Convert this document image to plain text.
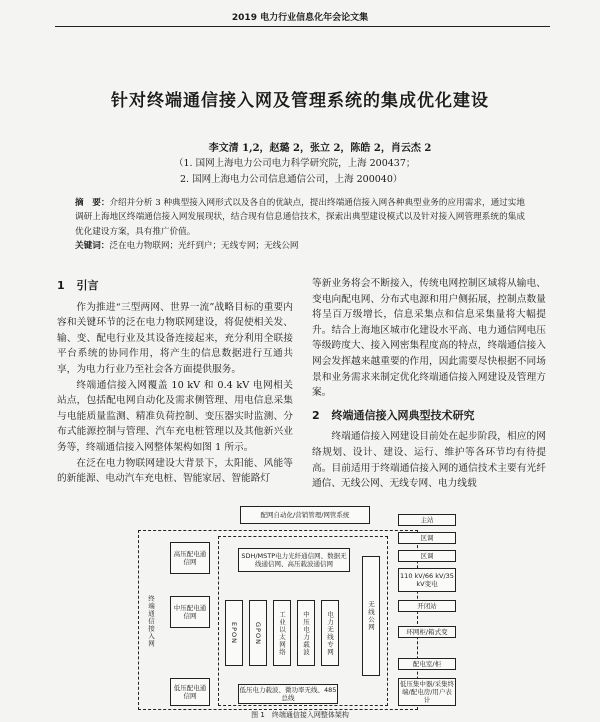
2019 电力行业信息化年会论文集
针对终端通信接入网及管理系统的集成优化建设
李文清 1,2，赵璐 2，张立 2，陈皓 2，肖云杰 2
（1. 国网上海电力公司电力科学研究院，上海 200437；
2. 国网上海电力公司信息通信公司，上海 200040）
摘　要：介绍并分析 3 种典型接入网形式以及各自的优缺点，提出终端通信接入网各种典型业务的应用需求，通过实地调研上海地区终端通信接入网发展现状，结合现有信息通信技术，探索出典型建设模式以及针对接入网管理系统的集成优化建设方案，具有推广价值。
关键词：泛在电力物联网；光纤到户；无线专网；无线公网
1 引言

作为推进“三型两网、世界一流”战略目标的重要内容和关键环节的泛在电力物联网建设，将促使相关发、输、变、配电行业及其设备连接起来，充分利用全联接平台系统的协同作用，将产生的信息数据进行互通共享，为电力行业乃至社会各方面提供服务。

终端通信接入网覆盖 10 kV 和 0.4 kV 电网相关站点，包括配电网自动化及需求侧管理、用电信息采集与电能质量监测、精准负荷控制、变压器实时监测、分布式能源控制与管理、汽车充电桩管理以及其他新兴业务等，终端通信接入网整体架构如图 1 所示。

在泛在电力物联网建设大背景下，太阳能、风能等的新能源、电动汽车充电桩、智能家居、智能路灯

等新业务将会不断接入，传统电网控制区域将从输电、变电向配电网、分布式电源和用户侧拓展，控制点数量将呈百万级增长，信息采集点和信息采集量将大幅提升。结合上海地区城市化建设水平高、电力通信网电压等级跨度大、接入网密集程度高的特点，终端通信接入网会发挥越来越重要的作用，因此需要尽快根据不同场景和业务需求来制定优化终端通信接入网建设及管理方案。

2 终端通信接入网典型技术研究

终端通信接入网建设目前处在起步阶段，相应的网络规划、设计、建设、运行、维护等各环节均有待提高。目前适用于终端通信接入网的通信技术主要有光纤通信、无线公网、无线专网、电力线载

配网自动化/营销管理/网管系统
终端通信接入网
高压配电通信网
中压配电通信网
低压配电通信网
SDH/MSTP电力光纤通信网、数据无线通信网、高压载波通信网
EPON	GPON	工业以太网络	中压电力载波	电力无线专网	无线公网
低压电力载波、微功率无线、485总线
主站
区调
区调
110 kV/66 kV/35 kV变电
开闭站
环网柜/箱式变
配电室/柜
低压集中器/采集终端/配电房/用户表计
图 1　终端通信接入网整体架构
